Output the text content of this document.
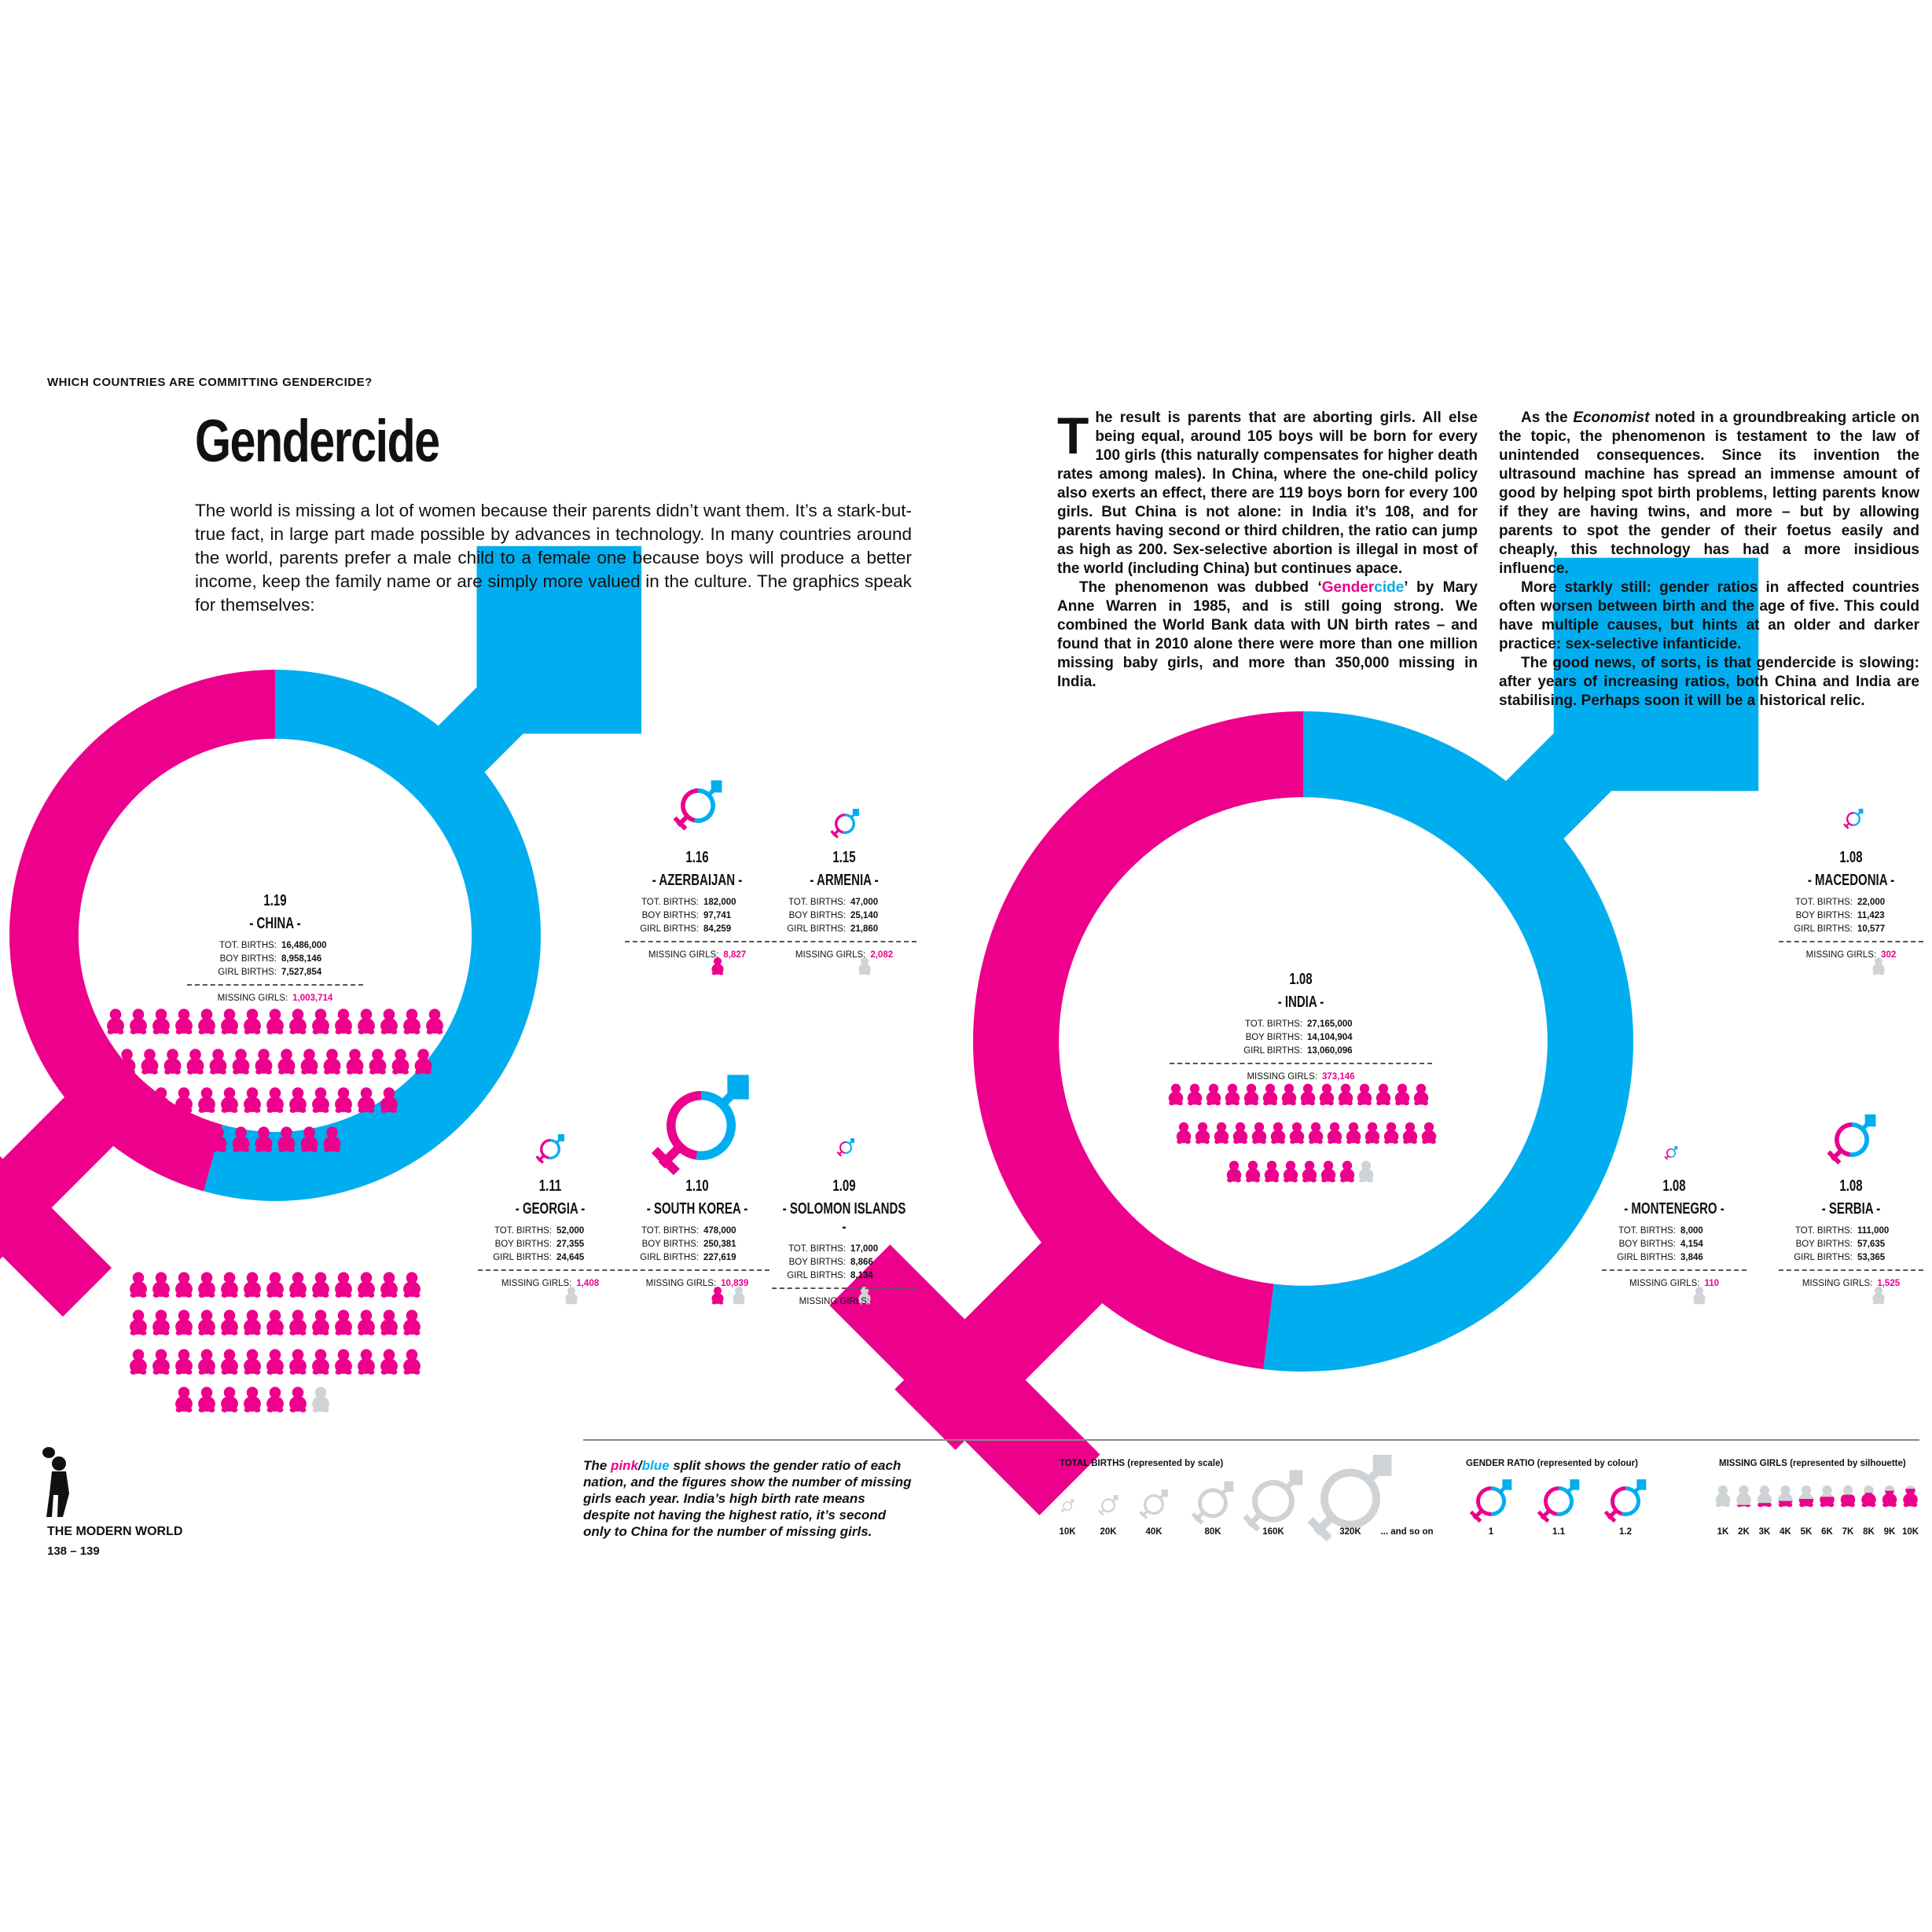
WHICH COUNTRIES ARE COMMITTING GENDERCIDE?
Gendercide
The world is missing a lot of women because their parents didn’t want them. It’s a stark-but-true fact, in large part made possible by advances in technology. In many countries around the world, parents prefer a male child to a female one because boys will produce a better income, keep the family name or are simply more valued in the culture. The graphics speak for themselves:

The result is parents that are aborting girls. All else being equal, around 105 boys will be born for every 100 girls (this naturally compensates for higher death rates among males). In China, where the one-child policy also exerts an effect, there are 119 boys born for every 100 girls. But China is not alone: in India it’s 108, and for parents having second or third children, the ratio can jump as high as 200. Sex-selective abortion is illegal in most of the world (including China) but continues apace.

The phenomenon was dubbed ‘Gendercide’ by Mary Anne Warren in 1985, and is still going strong. We combined the World Bank data with UN birth rates – and found that in 2010 alone there were more than one million missing baby girls, and more than 350,000 missing in India.

As the Economist noted in a groundbreaking article on the topic, the phenomenon is testament to the law of unintended consequences. Since its invention the ultrasound machine has spread an immense amount of good by helping spot birth problems, letting parents know if they are having twins, and more – but by allowing parents to spot the gender of their foetus easily and cheaply, this technology has had a more insidious influence.

More starkly still: gender ratios in affected countries often worsen between birth and the age of five. This could have multiple causes, but hints at an older and darker practice: sex-selective infanticide.

The good news, of sorts, is that gendercide is slowing: after years of increasing ratios, both China and India are stabilising. Perhaps soon it will be a historical relic.

1.19
- CHINA -
TOT. BIRTHS: 16,486,000
BOY BIRTHS: 8,958,146
GIRL BIRTHS: 7,527,854
MISSING GIRLS: 1,003,714
1.16
- AZERBAIJAN -
TOT. BIRTHS: 182,000
BOY BIRTHS: 97,741
GIRL BIRTHS: 84,259
MISSING GIRLS: 8,827
1.15
- ARMENIA -
TOT. BIRTHS: 47,000
BOY BIRTHS: 25,140
GIRL BIRTHS: 21,860
MISSING GIRLS: 2,082
1.11
- GEORGIA -
TOT. BIRTHS: 52,000
BOY BIRTHS: 27,355
GIRL BIRTHS: 24,645
MISSING GIRLS: 1,408
1.10
- SOUTH KOREA -
TOT. BIRTHS: 478,000
BOY BIRTHS: 250,381
GIRL BIRTHS: 227,619
MISSING GIRLS: 10,839
1.09
- SOLOMON ISLANDS -
TOT. BIRTHS: 17,000
BOY BIRTHS: 8,866
GIRL BIRTHS: 8,134
MISSING GIRLS: 310
1.08
- INDIA -
TOT. BIRTHS: 27,165,000
BOY BIRTHS: 14,104,904
GIRL BIRTHS: 13,060,096
MISSING GIRLS: 373,146
1.08
- MACEDONIA -
TOT. BIRTHS: 22,000
BOY BIRTHS: 11,423
GIRL BIRTHS: 10,577
MISSING GIRLS: 302
1.08
- MONTENEGRO -
TOT. BIRTHS: 8,000
BOY BIRTHS: 4,154
GIRL BIRTHS: 3,846
MISSING GIRLS: 110
1.08
- SERBIA -
TOT. BIRTHS: 111,000
BOY BIRTHS: 57,635
GIRL BIRTHS: 53,365
MISSING GIRLS: 1,525
The pink/blue split shows the gender ratio of each nation, and the figures show the number of missing girls each year. India’s high birth rate means despite not having the highest ratio, it’s second only to China for the number of missing girls.
TOTAL BIRTHS (represented by scale)	GENDER RATIO (represented by colour)	MISSING GIRLS (represented by silhouette)
10K	20K	40K	80K	160K	320K ... and so on	1	1.1	1.2	1K 2K 3K 4K 5K 6K 7K 8K 9K 10K
THE MODERN WORLD
138 – 139
